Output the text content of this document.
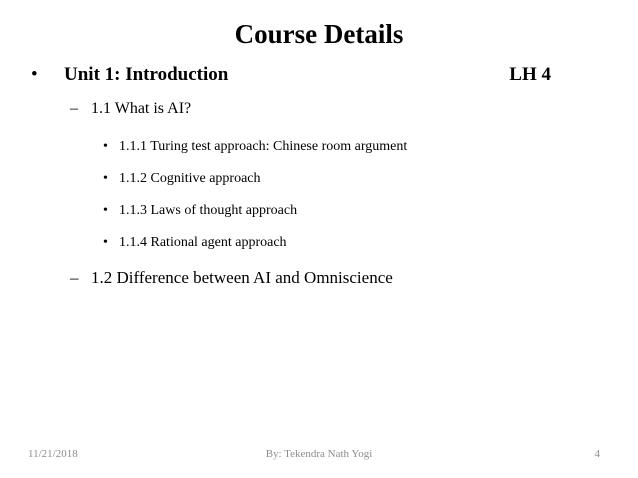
Course Details
• Unit 1: Introduction	LH 4
– 1.1 What is AI?
• 1.1.1 Turing test approach: Chinese room argument
• 1.1.2 Cognitive approach
• 1.1.3 Laws of thought approach
• 1.1.4 Rational agent approach
– 1.2 Difference between AI and Omniscience
11/21/2018	By: Tekendra Nath Yogi	4
